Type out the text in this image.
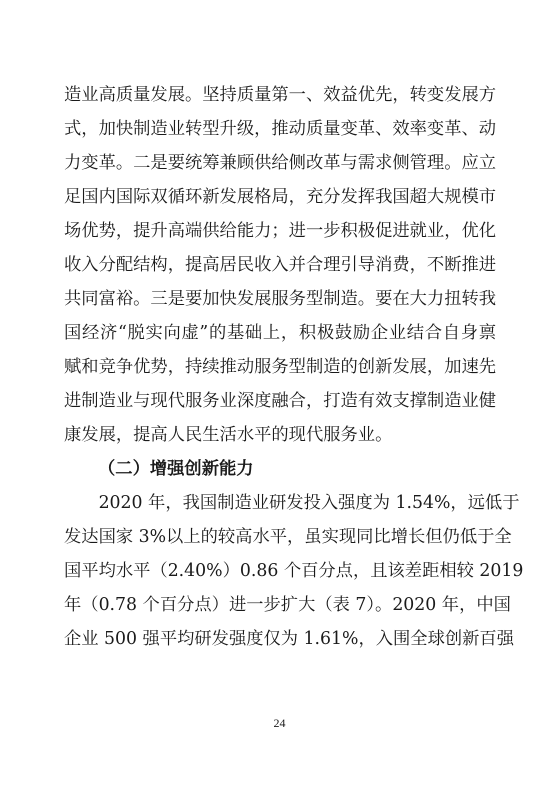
造业高质量发展。坚持质量第一、效益优先，转变发展方
式，加快制造业转型升级，推动质量变革、效率变革、动
力变革。二是要统筹兼顾供给侧改革与需求侧管理。应立
足国内国际双循环新发展格局，充分发挥我国超大规模市
场优势，提升高端供给能力；进一步积极促进就业，优化
收入分配结构，提高居民收入并合理引导消费，不断推进
共同富裕。三是要加快发展服务型制造。要在大力扭转我
国经济“脱实向虚”的基础上，积极鼓励企业结合自身禀
赋和竞争优势，持续推动服务型制造的创新发展，加速先
进制造业与现代服务业深度融合，打造有效支撑制造业健
康发展，提高人民生活水平的现代服务业。
（二）增强创新能力
　　2020 年，我国制造业研发投入强度为 1.54%，远低于
发达国家 3%以上的较高水平，虽实现同比增长但仍低于全
国平均水平（2.40%）0.86 个百分点，且该差距相较 2019
年（0.78 个百分点）进一步扩大（表 7）。2020 年，中国
企业 500 强平均研发强度仅为 1.61%，入围全球创新百强
24
